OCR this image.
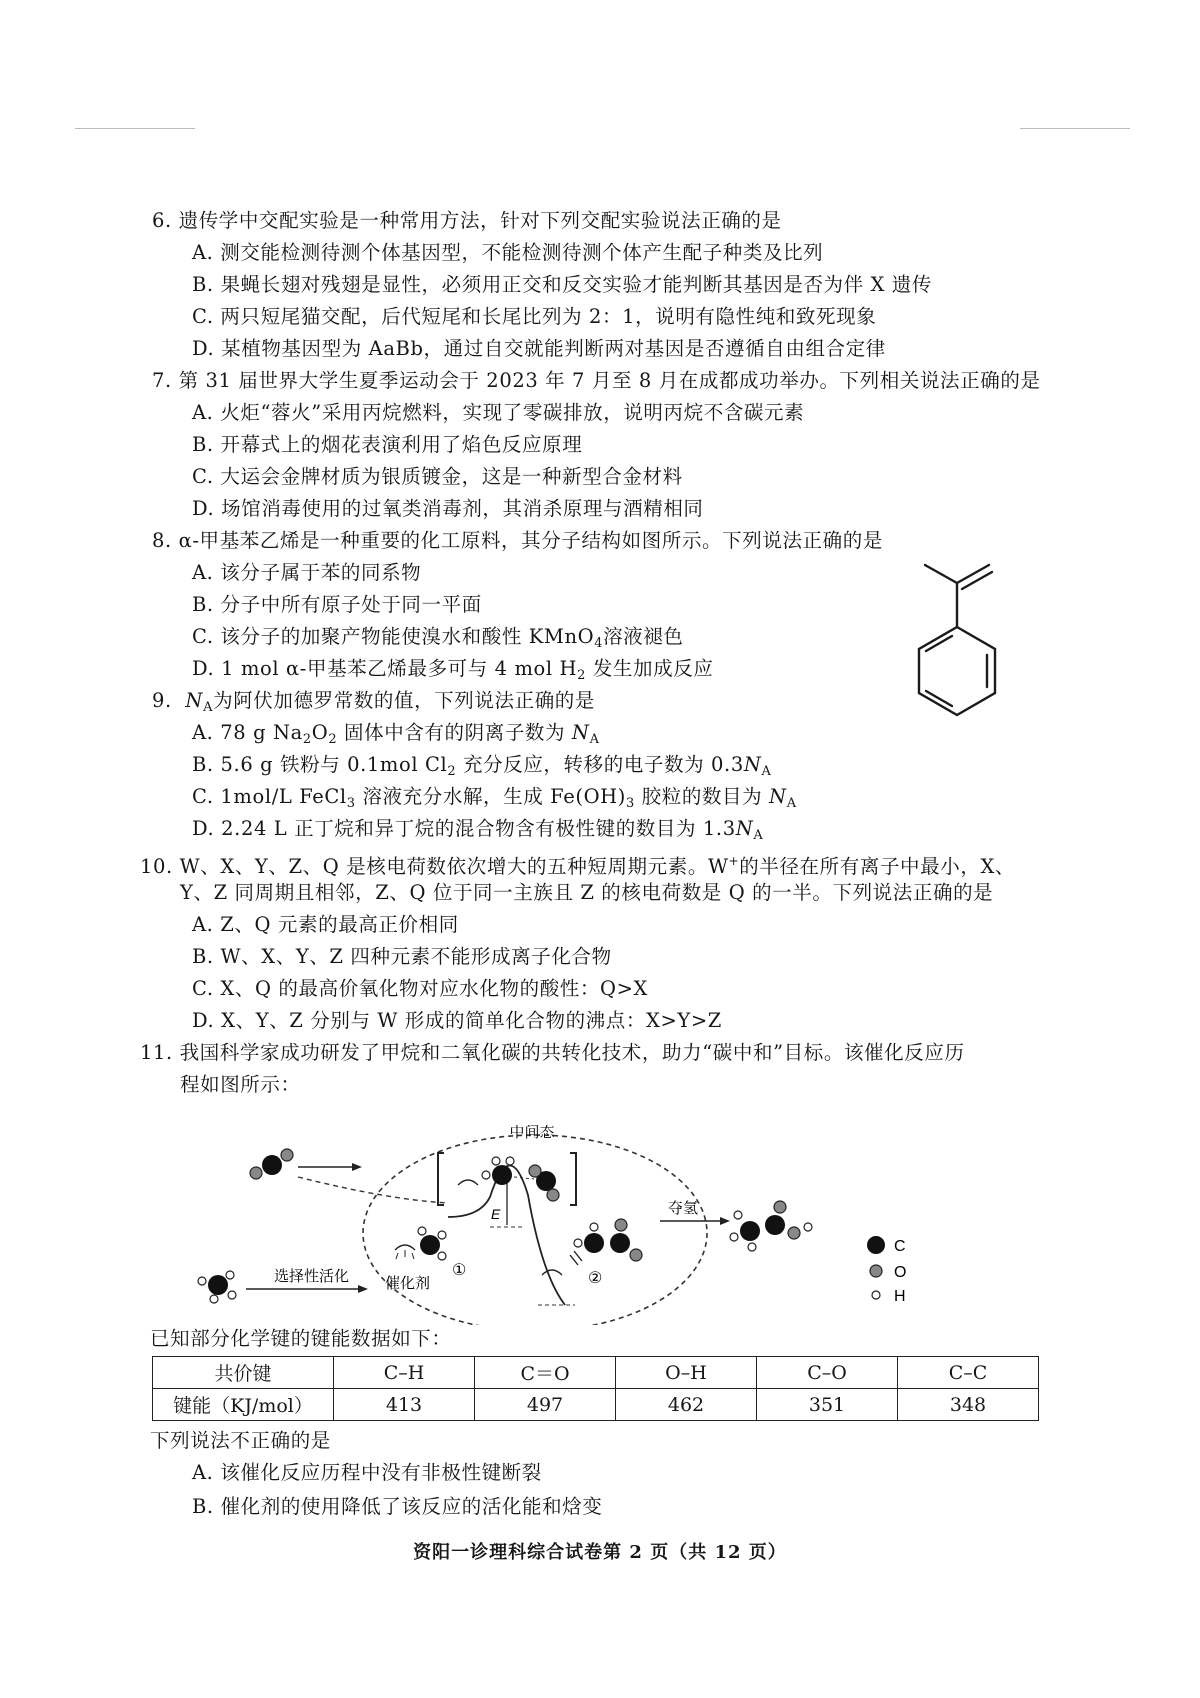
6. 遗传学中交配实验是一种常用方法，针对下列交配实验说法正确的是
A. 测交能检测待测个体基因型，不能检测待测个体产生配子种类及比列
B. 果蝇长翅对残翅是显性，必须用正交和反交实验才能判断其基因是否为伴 X 遗传
C. 两只短尾猫交配，后代短尾和长尾比列为 2：1，说明有隐性纯和致死现象
D. 某植物基因型为 AaBb，通过自交就能判断两对基因是否遵循自由组合定律
7. 第 31 届世界大学生夏季运动会于 2023 年 7 月至 8 月在成都成功举办。下列相关说法正确的是
A. 火炬“蓉火”采用丙烷燃料，实现了零碳排放，说明丙烷不含碳元素
B. 开幕式上的烟花表演利用了焰色反应原理
C. 大运会金牌材质为银质镀金，这是一种新型合金材料
D. 场馆消毒使用的过氧类消毒剂，其消杀原理与酒精相同
8. α-甲基苯乙烯是一种重要的化工原料，其分子结构如图所示。下列说法正确的是
A. 该分子属于苯的同系物
B. 分子中所有原子处于同一平面
C. 该分子的加聚产物能使溴水和酸性 KMnO$_4$溶液褪色
D. 1 mol α-甲基苯乙烯最多可与 4 mol $H_2$ 发生加成反应
9. $N_A$为阿伏加德罗常数的值，下列说法正确的是
A. 78 g $Na_2O_2$ 固体中含有的阴离子数为 $N_A$
B. 5.6 g 铁粉与 0.1mol $Cl_2$ 充分反应，转移的电子数为 $0.3N_A$
C. 1mol/L FeCl$_3$ 溶液充分水解，生成 $Fe(OH)_3$ 胶粒的数目为 $N_A$
D. 2.24 L 正丁烷和异丁烷的混合物含有极性键的数目为 $1.3N_A$
10. W、X、Y、Z、Q 是核电荷数依次增大的五种短周期元素。W+的半径在所有离子中最小，X、
Y、Z 同周期且相邻，Z、Q 位于同一主族且 Z 的核电荷数是 Q 的一半。下列说法正确的是
A. Z、Q 元素的最高正价相同
B. W、X、Y、Z 四种元素不能形成离子化合物
C. X、Q 的最高价氧化物对应水化物的酸性：Q>X
D. X、Y、Z 分别与 W 形成的简单化合物的沸点：X>Y>Z
11. 我国科学家成功研发了甲烷和二氧化碳的共转化技术，助力“碳中和”目标。该催化反应历
程如图所示：
中间态
选择性活化 催化剂
①
E
②
夺氢
C
O
H
已知部分化学键的键能数据如下：
共价键	C–H	C＝O	O–H	C–O	C–C
键能（KJ/mol）	413	497	462	351	348
下列说法不正确的是
A. 该催化反应历程中没有非极性键断裂
B. 催化剂的使用降低了该反应的活化能和焓变
资阳一诊理科综合试卷第 2 页（共 12 页）
